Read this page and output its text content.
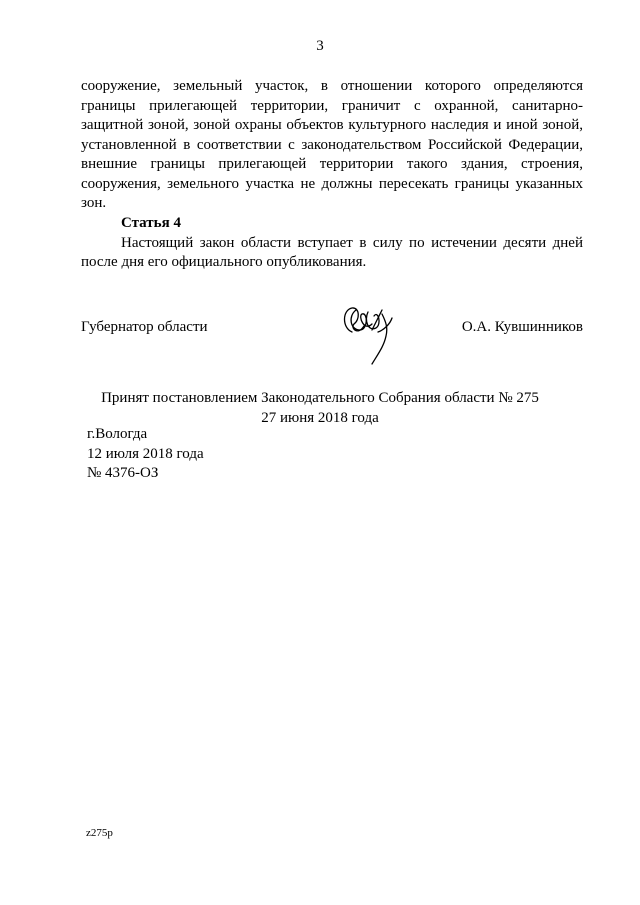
3

сооружение, земельный участок, в отношении которого определяются границы прилегающей территории, граничит с охранной, санитарно-защитной зоной, зоной охраны объектов культурного наследия и иной зоной, установленной в соответствии с законодательством Российской Федерации, внешние границы прилегающей территории такого здания, строения, сооружения, земельного участка не должны пересекать границы указанных зон.

Статья 4

Настоящий закон области вступает в силу по истечении десяти дней после дня его официального опубликования.

Губернатор области	О.А. Кувшинников

Принят постановлением Законодательного Собрания области № 275

27 июня 2018 года

г.Вологда

12 июля 2018 года

№ 4376-ОЗ

z275p
